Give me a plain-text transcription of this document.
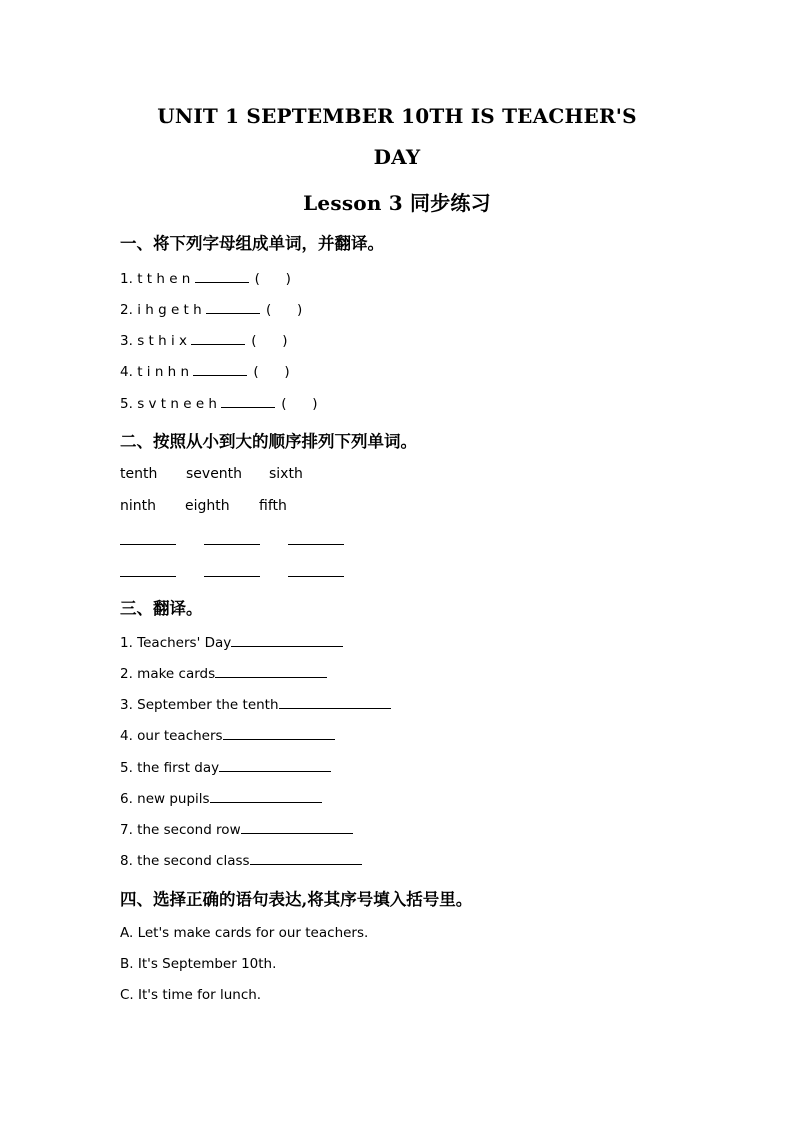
UNIT 1 SEPTEMBER 10TH IS TEACHER'S
DAY
Lesson 3 同步练习
一、将下列字母组成单词，并翻译。
1. t t h e n	(      )
2. i h g e t h	(      )
3. s t h i x	(      )
4. t i n h n	(      )
5. s v t n e e h	(      )
二、按照从小到大的顺序排列下列单词。
tenth seventh sixth
ninth eighth fifth
三、翻译。
1. Teachers' Day
2. make cards
3. September the tenth
4. our teachers
5. the first day
6. new pupils
7. the second row
8. the second class
四、选择正确的语句表达,将其序号填入括号里。
A. Let's make cards for our teachers.
B. It's September 10th.
C. It's time for lunch.
